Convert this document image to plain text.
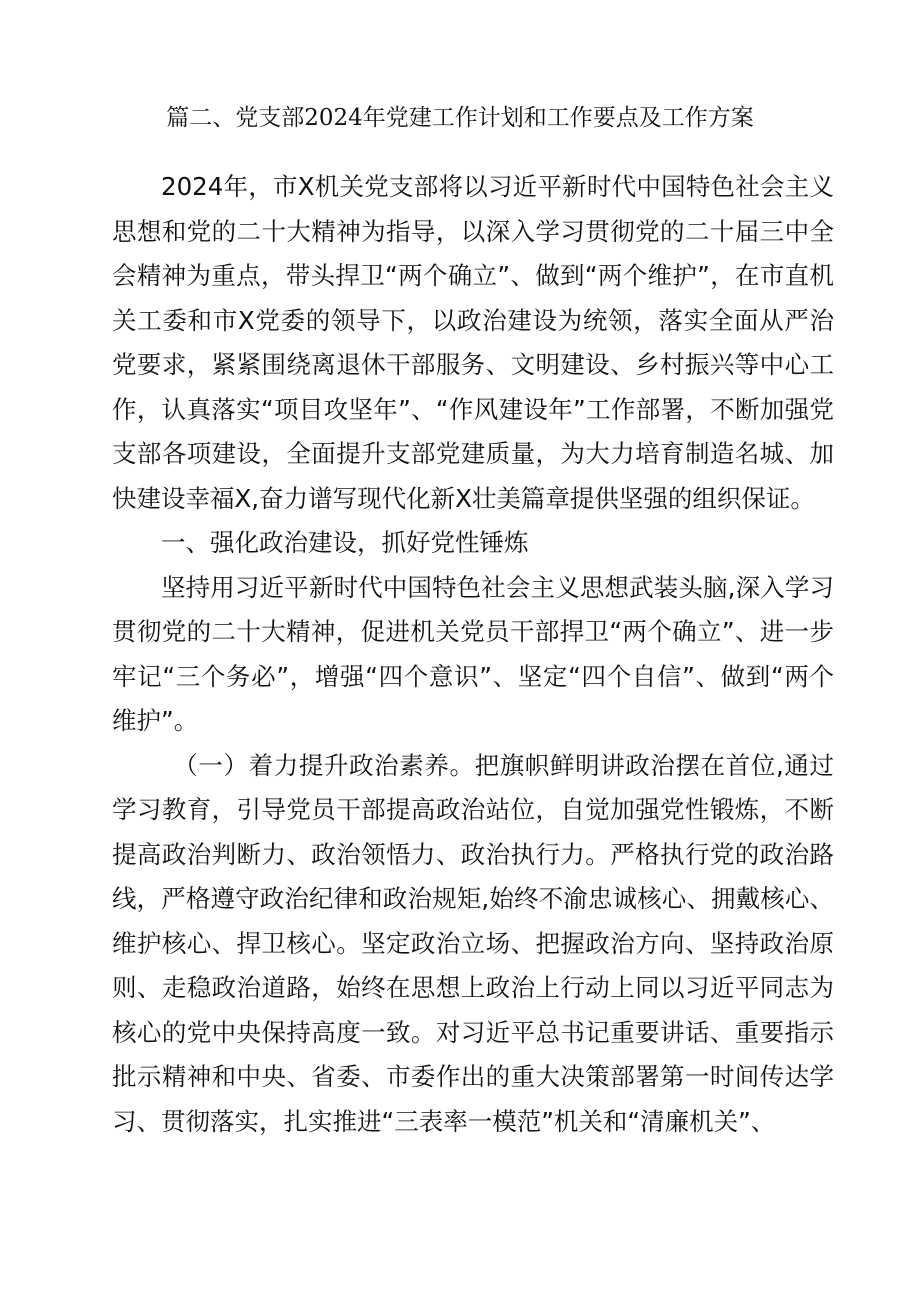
篇二、党支部2024年党建工作计划和工作要点及工作方案

2024年，市X机关党支部将以习近平新时代中国特色社会主义思想和党的二十大精神为指导，以深入学习贯彻党的二十届三中全会精神为重点，带头捍卫“两个确立”、做到“两个维护”，在市直机关工委和市X党委的领导下，以政治建设为统领，落实全面从严治党要求，紧紧围绕离退休干部服务、文明建设、乡村振兴等中心工作，认真落实“项目攻坚年”、“作风建设年”工作部署，不断加强党支部各项建设，全面提升支部党建质量，为大力培育制造名城、加快建设幸福X,奋力谱写现代化新X壮美篇章提供坚强的组织保证。

一、强化政治建设，抓好党性锤炼

坚持用习近平新时代中国特色社会主义思想武装头脑,深入学习贯彻党的二十大精神，促进机关党员干部捍卫“两个确立”、进一步牢记“三个务必”，增强“四个意识”、坚定“四个自信”、做到“两个维护”。

（一）着力提升政治素养。把旗帜鲜明讲政治摆在首位,通过学习教育，引导党员干部提高政治站位，自觉加强党性锻炼，不断提高政治判断力、政治领悟力、政治执行力。严格执行党的政治路线，严格遵守政治纪律和政治规矩,始终不渝忠诚核心、拥戴核心、维护核心、捍卫核心。坚定政治立场、把握政治方向、坚持政治原则、走稳政治道路，始终在思想上政治上行动上同以习近平同志为核心的党中央保持高度一致。对习近平总书记重要讲话、重要指示批示精神和中央、省委、市委作出的重大决策部署第一时间传达学习、贯彻落实，扎实推进“三表率一模范”机关和“清廉机关”、
